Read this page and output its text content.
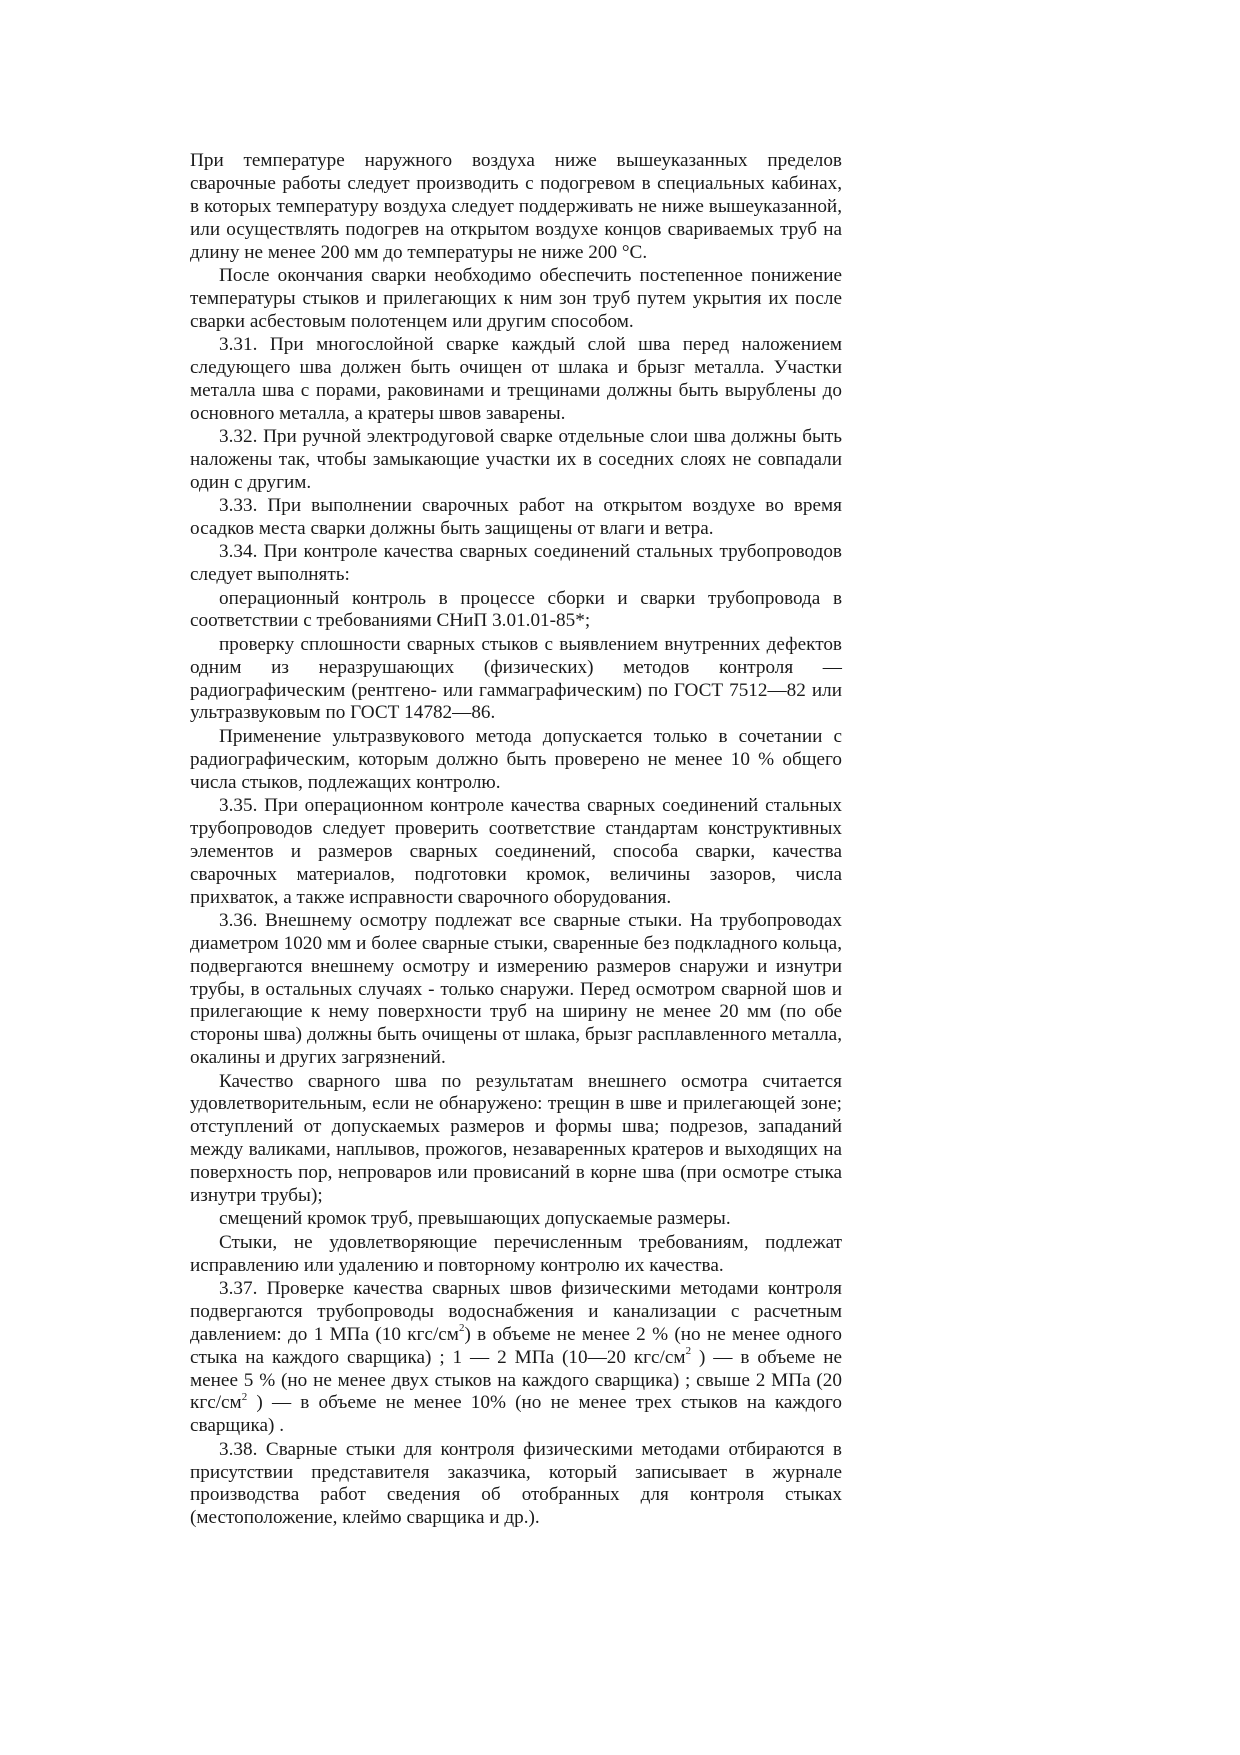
При температуре наружного воздуха ниже вышеуказанных пределов сварочные работы следует производить с подогревом в специальных кабинах, в которых температуру воздуха следует поддерживать не ниже вышеуказанной, или осуществлять подогрев на открытом воздухе концов свариваемых труб на длину не менее 200 мм до температуры не ниже 200 °С.

После окончания сварки необходимо обеспечить постепенное понижение температуры стыков и прилегающих к ним зон труб путем укрытия их после сварки асбестовым полотенцем или другим способом.

3.31. При многослойной сварке каждый слой шва перед наложением следующего шва должен быть очищен от шлака и брызг металла. Участки металла шва с порами, раковинами и трещинами должны быть вырублены до основного металла, а кратеры швов заварены.

3.32. При ручной электродуговой сварке отдельные слои шва должны быть наложены так, чтобы замыкающие участки их в соседних слоях не совпадали один с другим.

3.33. При выполнении сварочных работ на открытом воздухе во время осадков места сварки должны быть защищены от влаги и ветра.

3.34. При контроле качества сварных соединений стальных трубопроводов следует выполнять:

операционный контроль в процессе сборки и сварки трубопровода в соответствии с требованиями СНиП 3.01.01-85*;

проверку сплошности сварных стыков с выявлением внутренних дефектов одним из неразрушающих (физических) методов контроля — радиографическим (рентгено- или гаммаграфическим) по ГОСТ 7512—82 или ультразвуковым по ГОСТ 14782—86.

Применение ультразвукового метода допускается только в сочетании с радиографическим, которым должно быть проверено не менее 10 % общего числа стыков, подлежащих контролю.

3.35. При операционном контроле качества сварных соединений стальных трубопроводов следует проверить соответствие стандартам конструктивных элементов и размеров сварных соединений, способа сварки, качества сварочных материалов, подготовки кромок, величины зазоров, числа прихваток, а также исправности сварочного оборудования.

3.36. Внешнему осмотру подлежат все сварные стыки. На трубопроводах диаметром 1020 мм и более сварные стыки, сваренные без подкладного кольца, подвергаются внешнему осмотру и измерению размеров снаружи и изнутри трубы, в остальных случаях - только снаружи. Перед осмотром сварной шов и прилегающие к нему поверхности труб на ширину не менее 20 мм (по обе стороны шва) должны быть очищены от шлака, брызг расплавленного металла, окалины и других загрязнений.

Качество сварного шва по результатам внешнего осмотра считается удовлетворительным, если не обнаружено: трещин в шве и прилегающей зоне; отступлений от допускаемых размеров и формы шва; подрезов, западаний между валиками, наплывов, прожогов, незаваренных кратеров и выходящих на поверхность пор, непроваров или провисаний в корне шва (при осмотре стыка изнутри трубы);

смещений кромок труб, превышающих допускаемые размеры.

Стыки, не удовлетворяющие перечисленным требованиям, подлежат исправлению или удалению и повторному контролю их качества.

3.37. Проверке качества сварных швов физическими методами контроля подвергаются трубопроводы водоснабжения и канализации с расчетным давлением: до 1 МПа (10 кгс/$см^2$) в объеме не менее 2 % (но не менее одного стыка на каждого сварщика) ; 1 — 2 МПа (10—20 кгс/$см^2$ ) — в объеме не менее 5 % (но не менее двух стыков на каждого сварщика) ; свыше 2 МПа (20 кгс/$см^2$ ) — в объеме не менее 10% (но не менее трех стыков на каждого сварщика) .

3.38. Сварные стыки для контроля физическими методами отбираются в присутствии представителя заказчика, который записывает в журнале производства работ сведения об отобранных для контроля стыках (местоположение, клеймо сварщика и др.).
